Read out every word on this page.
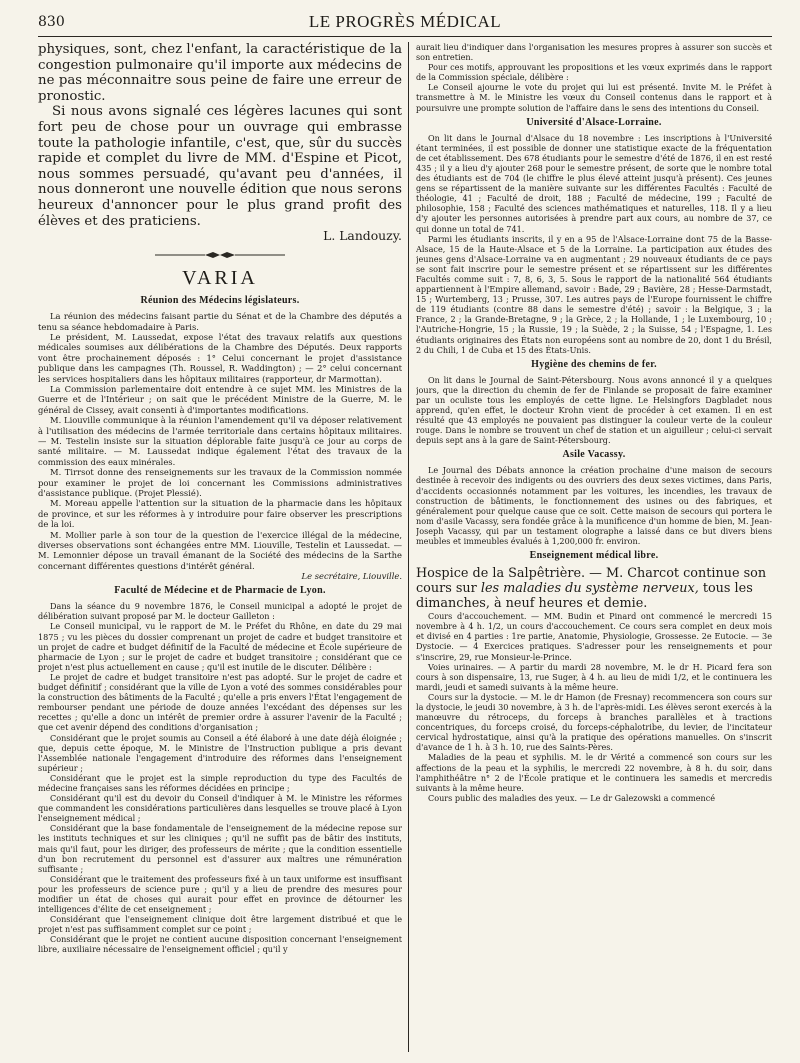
830	LE PROGRÈS MÉDICAL

physiques, sont, chez l'enfant, la caractéristique de la congestion pulmonaire qu'il importe aux médecins de ne pas méconnaitre sous peine de faire une erreur de pronostic.

Si nous avons signalé ces légères lacunes qui sont fort peu de chose pour un ouvrage qui embrasse toute la pathologie infantile, c'est, que, sûr du succès rapide et complet du livre de MM. d'Espine et Picot, nous sommes persuadé, qu'avant peu d'années, il nous donneront une nouvelle édition que nous serons heureux d'annoncer pour le plus grand profit des élèves et des praticiens.

L. Landouzy.
VARIA
Réunion des Médecins législateurs.

La réunion des médecins faisant partie du Sénat et de la Chambre des députés a tenu sa séance hebdomadaire à Paris.

Le président, M. Laussedat, expose l'état des travaux relatifs aux questions médicales soumises aux délibérations de la Chambre des Députés. Deux rapports vont être prochainement déposés : 1° Celui concernant le projet d'assistance publique dans les campagnes (Th. Roussel, R. Waddington) ; — 2° celui concernant les services hospitaliers dans les hôpitaux militaires (rapporteur, dr Marmottan).

La Commission parlementaire doit entendre à ce sujet MM. les Ministres de la Guerre et de l'Intérieur ; on sait que le précédent Ministre de la Guerre, M. le général de Cissey, avait consenti à d'importantes modifications.

M. Liouville communique à la réunion l'amendement qu'il va déposer relativement à l'utilisation des médecins de l'armée territoriale dans certains hôpitaux militaires. — M. Testelin insiste sur la situation déplorable faite jusqu'à ce jour au corps de santé militaire. — M. Laussedat indique également l'état des travaux de la commission des eaux minérales.

M. Tirrsot donne des renseignements sur les travaux de la Commission nommée pour examiner le projet de loi concernant les Commissions administratives d'assistance publique. (Projet Plessié).

M. Moreau appelle l'attention sur la situation de la pharmacie dans les hôpitaux de province, et sur les réformes à y introduire pour faire observer les prescriptions de la loi.

M. Mollier parle à son tour de la question de l'exercice illégal de la médecine, diverses observations sont échangées entre MM. Liouville, Testelin et Laussedat. — M. Lemonnier dépose un travail émanant de la Société des médecins de la Sarthe concernant différentes questions d'intérêt général.

Le secrétaire, Liouville.
Faculté de Médecine et de Pharmacie de Lyon.

Dans la séance du 9 novembre 1876, le Conseil municipal a adopté le projet de délibération suivant proposé par M. le docteur Gailleton :

Le Conseil municipal, vu le rapport de M. le Préfet du Rhône, en date du 29 mai 1875 ; vu les pièces du dossier comprenant un projet de cadre et budget transitoire et un projet de cadre et budget définitif de la Faculté de médecine et École supérieure de pharmacie de Lyon ; sur le projet de cadre et budget transitoire ; considérant que ce projet n'est plus actuellement en cause ; qu'il est inutile de le discuter. Délibère :

Le projet de cadre et budget transitoire n'est pas adopté. Sur le projet de cadre et budget définitif ; considérant que la ville de Lyon a voté des sommes considérables pour la construction des bâtiments de la Faculté ; qu'elle a pris envers l'État l'engagement de rembourser pendant une période de douze années l'excédant des dépenses sur les recettes ; qu'elle a donc un intérêt de premier ordre à assurer l'avenir de la Faculté ; que cet avenir dépend des conditions d'organisation ;

Considérant que le projet soumis au Conseil a été élaboré à une date déjà éloignée ; que, depuis cette époque, M. le Ministre de l'Instruction publique a pris devant l'Assemblée nationale l'engagement d'introduire des réformes dans l'enseignement supérieur ;

Considérant que le projet est la simple reproduction du type des Facultés de médecine françaises sans les réformes décidées en principe ;

Considérant qu'il est du devoir du Conseil d'indiquer à M. le Ministre les réformes que commandent les considérations particulières dans lesquelles se trouve placé à Lyon l'enseignement médical ;

Considérant que la base fondamentale de l'enseignement de la médecine repose sur les instituts techniques et sur les cliniques ; qu'il ne suffit pas de bâtir des instituts, mais qu'il faut, pour les diriger, des professeurs de mérite ; que la condition essentielle d'un bon recrutement du personnel est d'assurer aux maîtres une rémunération suffisante ;

Considérant que le traitement des professeurs fixé à un taux uniforme est insuffisant pour les professeurs de science pure ; qu'il y a lieu de prendre des mesures pour modifier un état de choses qui aurait pour effet en province de détourner les intelligences d'élite de cet enseignement ;

Considérant que l'enseignement clinique doit être largement distribué et que le projet n'est pas suffisamment complet sur ce point ;

Considérant que le projet ne contient aucune disposition concernant l'enseignement libre, auxiliaire nécessaire de l'enseignement officiel ; qu'il y

aurait lieu d'indiquer dans l'organisation les mesures propres à assurer son succès et son entretien.

Pour ces motifs, approuvant les propositions et les vœux exprimés dans le rapport de la Commission spéciale, délibère :

Le Conseil ajourne le vote du projet qui lui est présenté. Invite M. le Préfet à transmettre à M. le Ministre les vœux du Conseil contenus dans le rapport et à poursuivre une prompte solution de l'affaire dans le sens des intentions du Conseil.

Université d'Alsace-Lorraine.

On lit dans le Journal d'Alsace du 18 novembre : Les inscriptions à l'Université étant terminées, il est possible de donner une statistique exacte de la fréquentation de cet établissement. Des 678 étudiants pour le semestre d'été de 1876, il en est resté 435 ; il y a lieu d'y ajouter 268 pour le semestre présent, de sorte que le nombre total des étudiants est de 704 (le chiffre le plus élevé atteint jusqu'à présent). Ces jeunes gens se répartissent de la manière suivante sur les différentes Facultés : Faculté de théologie, 41 ; Faculté de droit, 188 ; Faculté de médecine, 199 ; Faculté de philosophie, 158 ; Faculté des sciences mathématiques et naturelles, 118. Il y a lieu d'y ajouter les personnes autorisées à prendre part aux cours, au nombre de 37, ce qui donne un total de 741.

Parmi les étudiants inscrits, il y en a 95 de l'Alsace-Lorraine dont 75 de la Basse-Alsace, 15 de la Haute-Alsace et 5 de la Lorraine. La participation aux études des jeunes gens d'Alsace-Lorraine va en augmentant ; 29 nouveaux étudiants de ce pays se sont fait inscrire pour le semestre présent et se répartissent sur les différentes Facultés comme suit : 7, 8, 6, 3, 5. Sous le rapport de la nationalité 564 étudiants appartiennent à l'Empire allemand, savoir : Bade, 29 ; Bavière, 28 ; Hesse-Darmstadt, 15 ; Wurtemberg, 13 ; Prusse, 307. Les autres pays de l'Europe fournissent le chiffre de 119 étudiants (contre 88 dans le semestre d'été) ; savoir : la Belgique, 3 ; la France, 2 ; la Grande-Bretagne, 9 ; la Grèce, 2 ; la Hollande, 1 ; le Luxembourg, 10 ; l'Autriche-Hongrie, 15 ; la Russie, 19 ; la Suède, 2 ; la Suisse, 54 ; l'Espagne, 1. Les étudiants originaires des États non européens sont au nombre de 20, dont 1 du Brésil, 2 du Chili, 1 de Cuba et 15 des États-Unis.

Hygiène des chemins de fer.

On lit dans le Journal de Saint-Pétersbourg. Nous avons annoncé il y a quelques jours, que la direction du chemin de fer de Finlande se proposait de faire examiner par un oculiste tous les employés de cette ligne. Le Helsingfors Dagbladet nous apprend, qu'en effet, le docteur Krohn vient de procéder à cet examen. Il en est résulté que 43 employés ne pouvaient pas distinguer la couleur verte de la couleur rouge. Dans le nombre se trouvent un chef de station et un aiguilleur ; celui-ci servait depuis sept ans à la gare de Saint-Pétersbourg.

Asile Vacassy.

Le Journal des Débats annonce la création prochaine d'une maison de secours destinée à recevoir des indigents ou des ouvriers des deux sexes victimes, dans Paris, d'accidents occasionnés notamment par les voitures, les incendies, les travaux de construction de bâtiments, le fonctionnement des usines ou des fabriques, et généralement pour quelque cause que ce soit. Cette maison de secours qui portera le nom d'asile Vacassy, sera fondée grâce à la munificence d'un homme de bien, M. Jean-Joseph Vacassy, qui par un testament olographe a laissé dans ce but divers biens meubles et immeubles évalués à 1,200,000 fr. environ.

Enseignement médical libre.

Hospice de la Salpêtrière. — M. Charcot continue son cours sur les maladies du système nerveux, tous les dimanches, à neuf heures et demie.

Cours d'accouchement. — MM. Budin et Pinard ont commencé le mercredi 15 novembre à 4 h. 1/2, un cours d'accouchement. Ce cours sera complet en deux mois et divisé en 4 parties : 1re partie, Anatomie, Physiologie, Grossesse. 2e Eutocie. — 3e Dystocie. — 4 Exercices pratiques. S'adresser pour les renseignements et pour s'inscrire, 29, rue Monsieur-le-Prince.

Voies urinaires. — A partir du mardi 28 novembre, M. le dr H. Picard fera son cours à son dispensaire, 13, rue Suger, à 4 h. au lieu de midi 1/2, et le continuera les mardi, jeudi et samedi suivants à la même heure.

Cours sur la dystocie. — M. le dr Hamon (de Fresnay) recommencera son cours sur la dystocie, le jeudi 30 novembre, à 3 h. de l'après-midi. Les élèves seront exercés à la manœuvre du rétroceps, du forceps à branches parallèles et à tractions concentriques, du forceps croisé, du forceps-céphalotribe, du levier, de l'incitateur cervical hydrostatique, ainsi qu'à la pratique des opérations manuelles. On s'inscrit d'avance de 1 h. à 3 h. 10, rue des Saints-Pères.

Maladies de la peau et syphilis. M. le dr Vérité a commencé son cours sur les affections de la peau et la syphilis, le mercredi 22 novembre, à 8 h. du soir, dans l'amphithéâtre n° 2 de l'École pratique et le continuera les samedis et mercredis suivants à la même heure.

Cours public des maladies des yeux. — Le dr Galezowski a commencé
